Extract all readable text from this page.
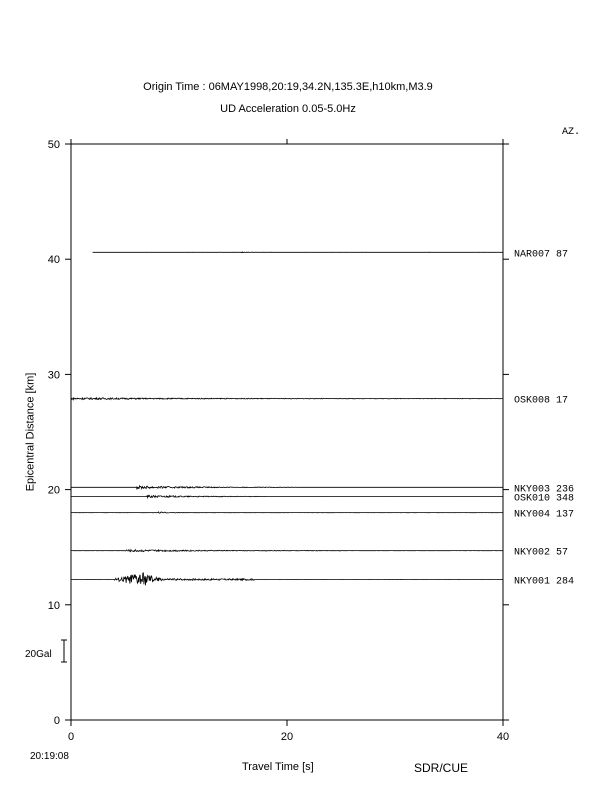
Origin Time : 06MAY1998,20:19,34.2N,135.3E,h10km,M3.9
UD Acceleration 0.05-5.0Hz
AZ.
20:19:08
Travel Time [s]	SDR/CUE
20Gal
Epicentral Distance [km]
0	20	40
0
10
20
30
40
50
NAR007 87
OSK008 17
NKY003 236
OSK010 348
NKY004 137
NKY002 57
NKY001 284
